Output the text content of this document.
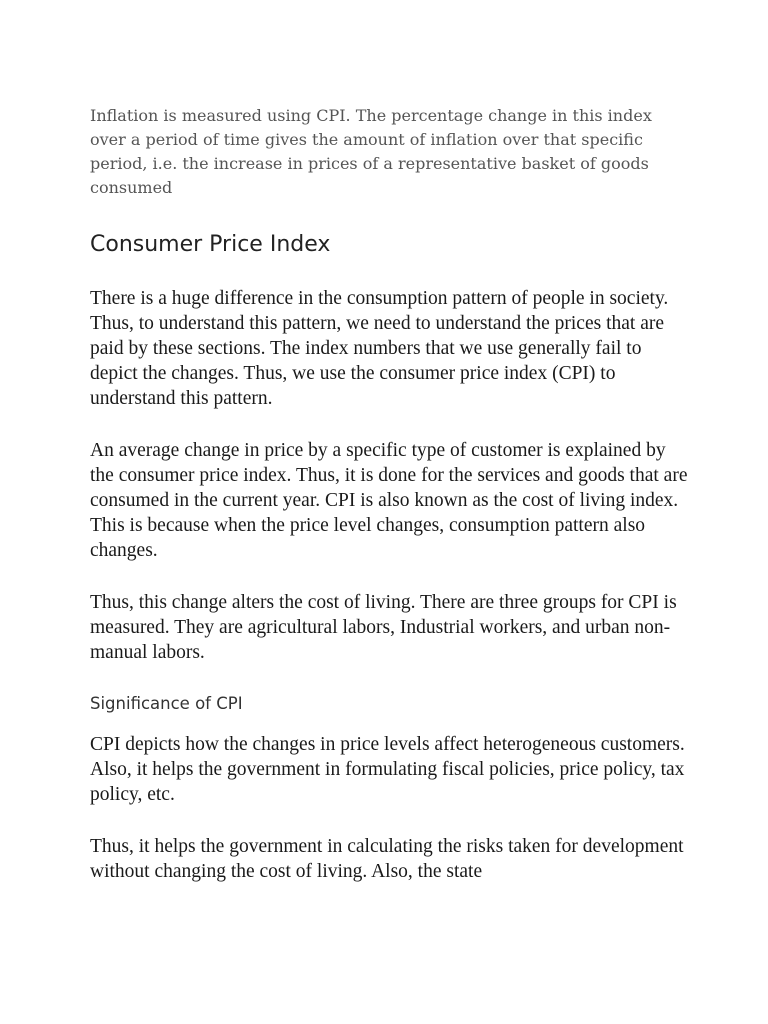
Inflation is measured using CPI. The percentage change in this index over a period of time gives the amount of inflation over that specific period, i.e. the increase in prices of a representative basket of goods consumed

Consumer Price Index

There is a huge difference in the consumption pattern of people in society. Thus, to understand this pattern, we need to understand the prices that are paid by these sections. The index numbers that we use generally fail to depict the changes. Thus, we use the consumer price index (CPI) to understand this pattern.

An average change in price by a specific type of customer is explained by the consumer price index. Thus, it is done for the services and goods that are consumed in the current year. CPI is also known as the cost of living index. This is because when the price level changes, consumption pattern also changes.

Thus, this change alters the cost of living. There are three groups for CPI is measured. They are agricultural labors, Industrial workers, and urban non-manual labors.

Significance of CPI

CPI depicts how the changes in price levels affect heterogeneous customers. Also, it helps the government in formulating fiscal policies, price policy, tax policy, etc.

Thus, it helps the government in calculating the risks taken for development without changing the cost of living. Also, the state
